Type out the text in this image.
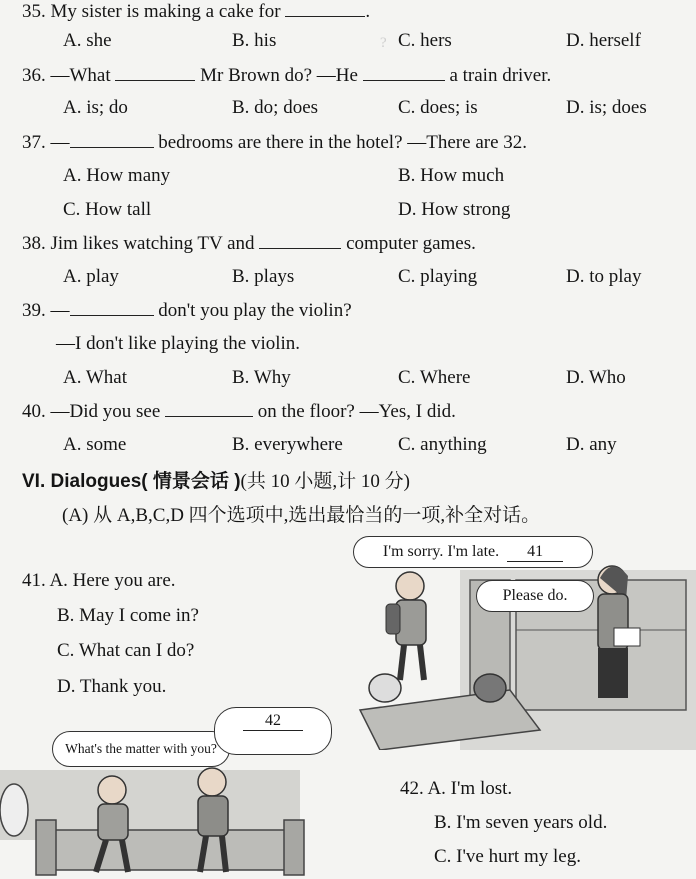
?
35. My sister is making a cake for	.
A. she	B. his	C. hers	D. herself
36. —What	Mr Brown do? —He	a train driver.
A. is; do	B. do; does	C. does; is	D. is; does
37. —	bedrooms are there in the hotel? —There are 32.
A. How many	B. How much
C. How tall	D. How strong
38. Jim likes watching TV and	computer games.
A. play	B. plays	C. playing	D. to play
39. —	don't you play the violin?
—I don't like playing the violin.
A. What	B. Why	C. Where	D. Who
40. —Did you see	on the floor? —Yes, I did.
A. some	B. everywhere	C. anything	D. any
VI. Dialogues( 情景会话 )(共 10 小题,计 10 分)
(A) 从 A,B,C,D 四个选项中,选出最恰当的一项,补全对话。
I'm sorry. I'm late. 41
Please do.
41. A. Here you are.
B. May I come in?
C. What can I do?
D. Thank you.
What's the matter with you?
42
42. A. I'm lost.
B. I'm seven years old.
C. I've hurt my leg.
